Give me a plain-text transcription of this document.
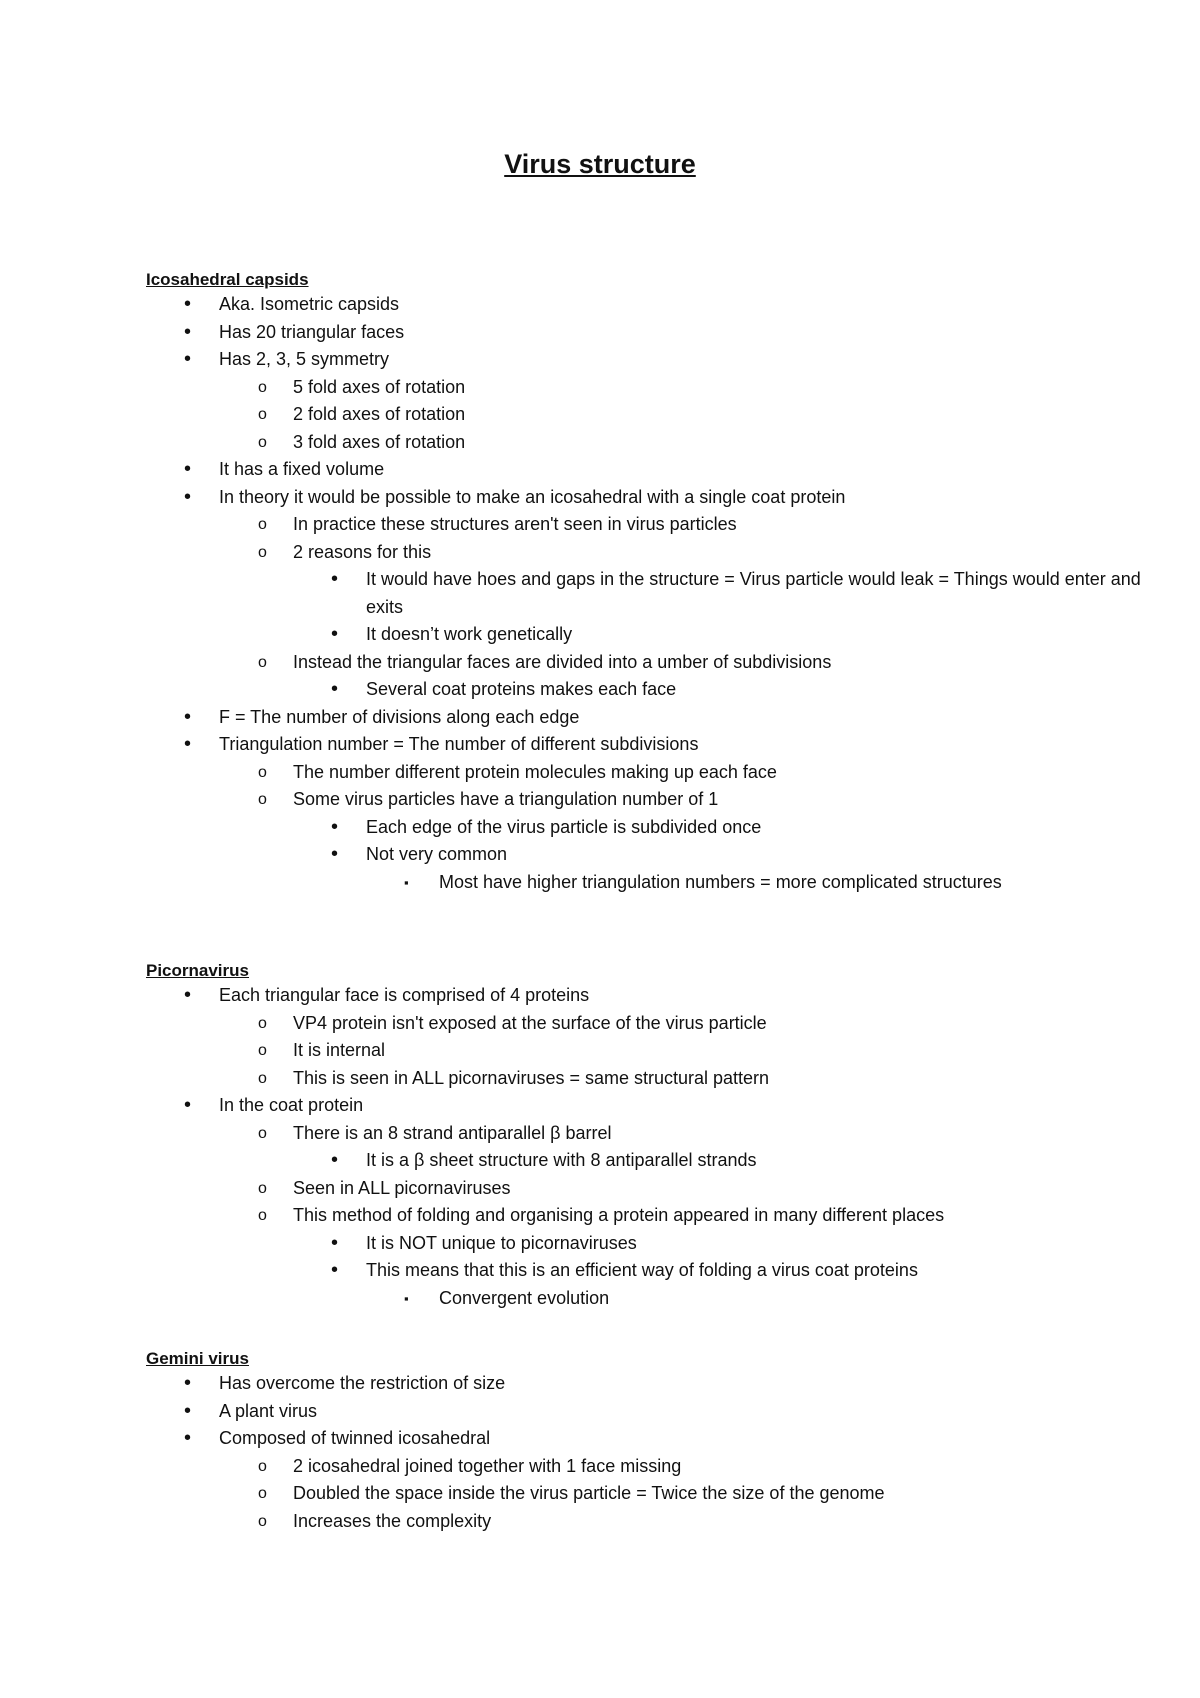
Virus structure
Icosahedral capsids
•
Aka. Isometric capsids
•
Has 20 triangular faces
•
Has 2, 3, 5 symmetry
o
5 fold axes of rotation
o
2 fold axes of rotation
o
3 fold axes of rotation
•
It has a fixed volume
•
In theory it would be possible to make an icosahedral with a single coat protein
o
In practice these structures aren't seen in virus particles
o
2 reasons for this
•
It would have hoes and gaps in the structure = Virus particle would leak = Things would enter and exits
•
It doesn’t work genetically
o
Instead the triangular faces are divided into a umber of subdivisions
•
Several coat proteins makes each face
•
F = The number of divisions along each edge
•
Triangulation number = The number of different subdivisions
o
The number different protein molecules making up each face
o
Some virus particles have a triangulation number of 1
•
Each edge of the virus particle is subdivided once
•
Not very common
▪
Most have higher triangulation numbers = more complicated structures
Picornavirus
•
Each triangular face is comprised of 4 proteins
o
VP4 protein isn't exposed at the surface of the virus particle
o
It is internal
o
This is seen in ALL picornaviruses = same structural pattern
•
In the coat protein
o
There is an 8 strand antiparallel β barrel
•
It is a β sheet structure with 8 antiparallel strands
o
Seen in ALL picornaviruses
o
This method of folding and organising a protein appeared in many different places
•
It is NOT unique to picornaviruses
•
This means that this is an efficient way of folding a virus coat proteins
▪
Convergent evolution
Gemini virus
•
Has overcome the restriction of size
•
A plant virus
•
Composed of twinned icosahedral
o
2 icosahedral joined together with 1 face missing
o
Doubled the space inside the virus particle = Twice the size of the genome
o
Increases the complexity
